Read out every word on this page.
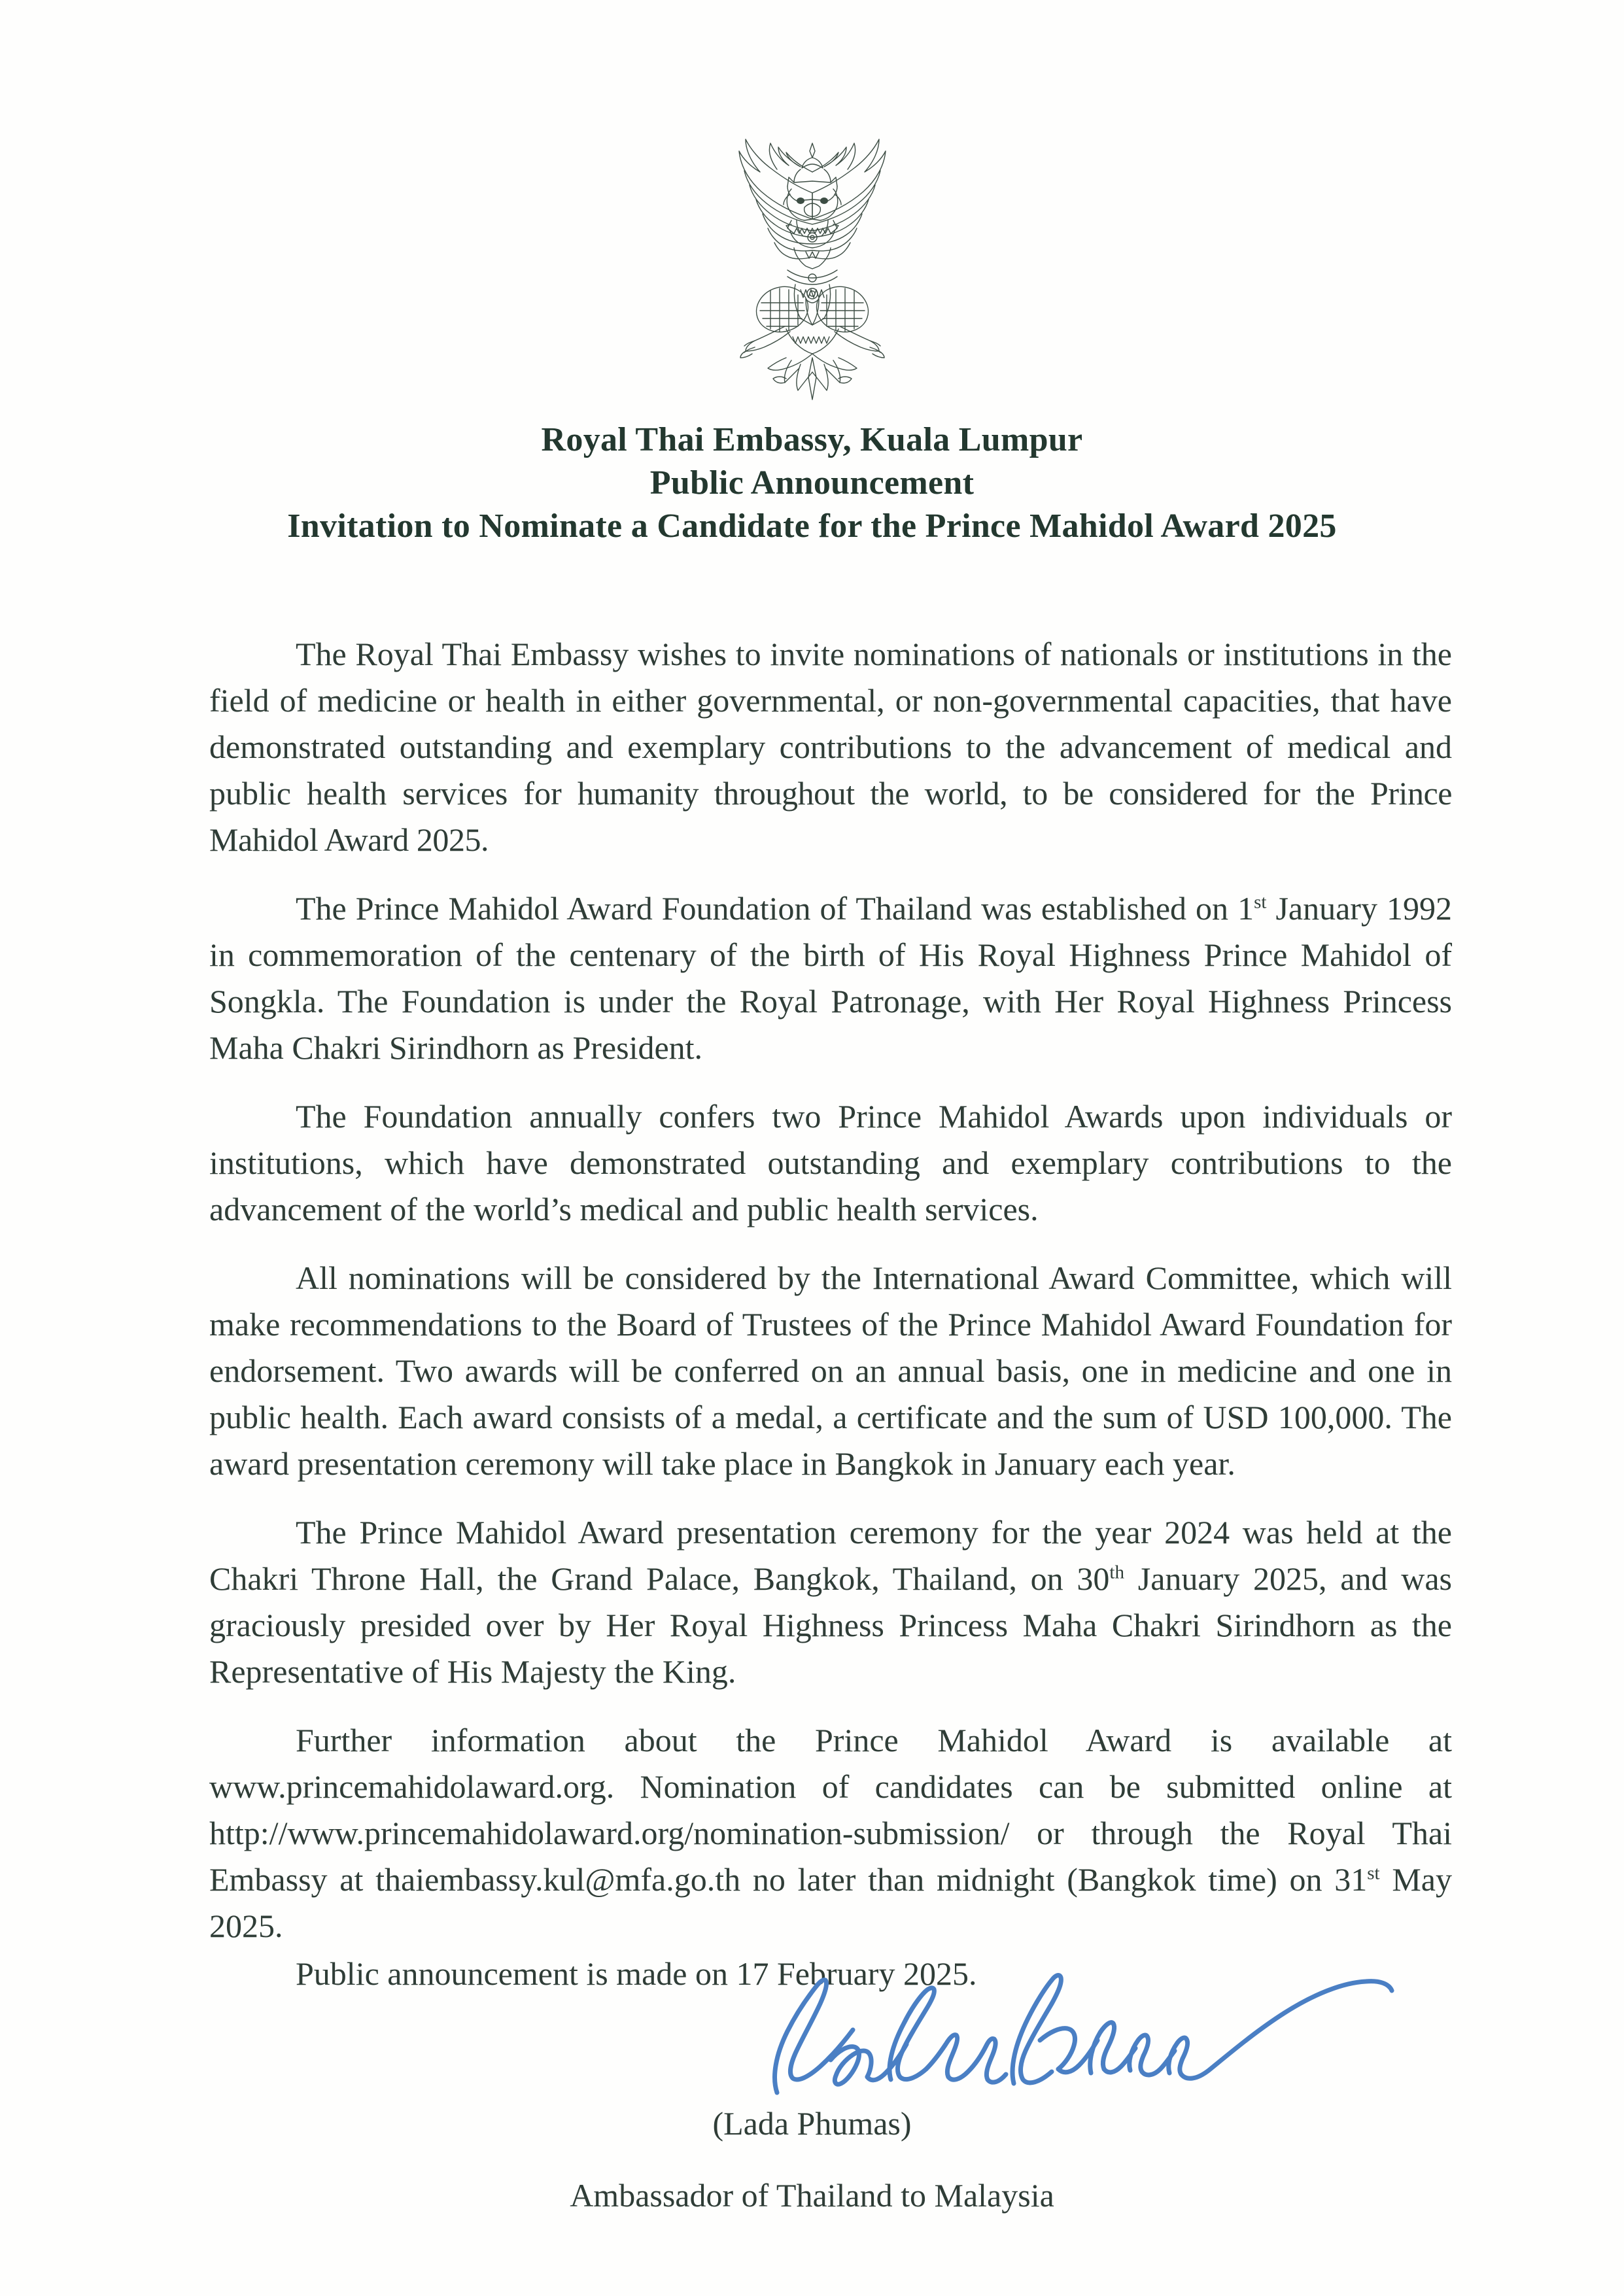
Royal Thai Embassy, Kuala Lumpur
Public Announcement
Invitation to Nominate a Candidate for the Prince Mahidol Award 2025

The Royal Thai Embassy wishes to invite nominations of nationals or institutions in the field of medicine or health in either governmental, or non-governmental capacities, that have demonstrated outstanding and exemplary contributions to the advancement of medical and public health services for humanity throughout the world, to be considered for the Prince Mahidol Award 2025.

The Prince Mahidol Award Foundation of Thailand was established on 1st January 1992 in commemoration of the centenary of the birth of His Royal Highness Prince Mahidol of Songkla. The Foundation is under the Royal Patronage, with Her Royal Highness Princess Maha Chakri Sirindhorn as President.

The Foundation annually confers two Prince Mahidol Awards upon individuals or institutions, which have demonstrated outstanding and exemplary contributions to the advancement of the world’s medical and public health services.

All nominations will be considered by the International Award Committee, which will make recommendations to the Board of Trustees of the Prince Mahidol Award Foundation for endorsement. Two awards will be conferred on an annual basis, one in medicine and one in public health. Each award consists of a medal, a certificate and the sum of USD 100,000. The award presentation ceremony will take place in Bangkok in January each year.

The Prince Mahidol Award presentation ceremony for the year 2024 was held at the Chakri Throne Hall, the Grand Palace, Bangkok, Thailand, on 30th January 2025, and was graciously presided over by Her Royal Highness Princess Maha Chakri Sirindhorn as the Representative of His Majesty the King.

Further information about the Prince Mahidol Award is available at www.princemahidolaward.org. Nomination of candidates can be submitted online at http://www.princemahidolaward.org/nomination-submission/ or through the Royal Thai Embassy at thaiembassy.kul@mfa.go.th no later than midnight (Bangkok time) on 31st May 2025.

Public announcement is made on 17 February 2025.
(Lada Phumas)
Ambassador of Thailand to Malaysia
